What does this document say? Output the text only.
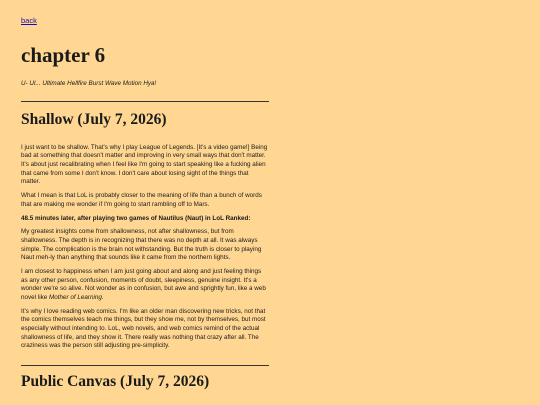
back
chapter 6

U- Ul... Ultimate Hellfire Burst Wave Motion Hya!

Shallow (July 7, 2026)

I just want to be shallow. That's why I play League of Legends. [It's a video game!] Being bad at something that doesn't matter and improving in very small ways that don't matter. It's about just recalibrating when I feel like I'm going to start speaking like a fucking alien that came from some I don't know. I don't care about losing sight of the things that matter.

What I mean is that LoL is probably closer to the meaning of life than a bunch of words that are making me wonder if I'm going to start rambling off to Mars.

48.5 minutes later, after playing two games of Nautilus (Naut) in LoL Ranked:

My greatest insights come from shallowness, not after shallowness, but from shallowness. The depth is in recognizing that there was no depth at all. It was always simple. The complication is the brain not withstanding. But the truth is closer to playing Naut meh-ly than anything that sounds like it came from the northern lights.

I am closest to happiness when I am just going about and along and just feeling things as any other person, confusion, moments of doubt, sleepiness, genuine insight. It's a wonder we're so alive. Not wonder as in confusion, but awe and sprightly fun, like a web novel like Mother of Learning.

It's why I love reading web comics. I'm like an older man discovering new tricks, not that the comics themselves teach me things, but they show me, not by themselves, but most especially without intending to. LoL, web novels, and web comics remind of the actual shallowness of life, and they show it. There really was nothing that crazy after all. The craziness was the person still adjusting pre-simplicity.

Public Canvas (July 7, 2026)
